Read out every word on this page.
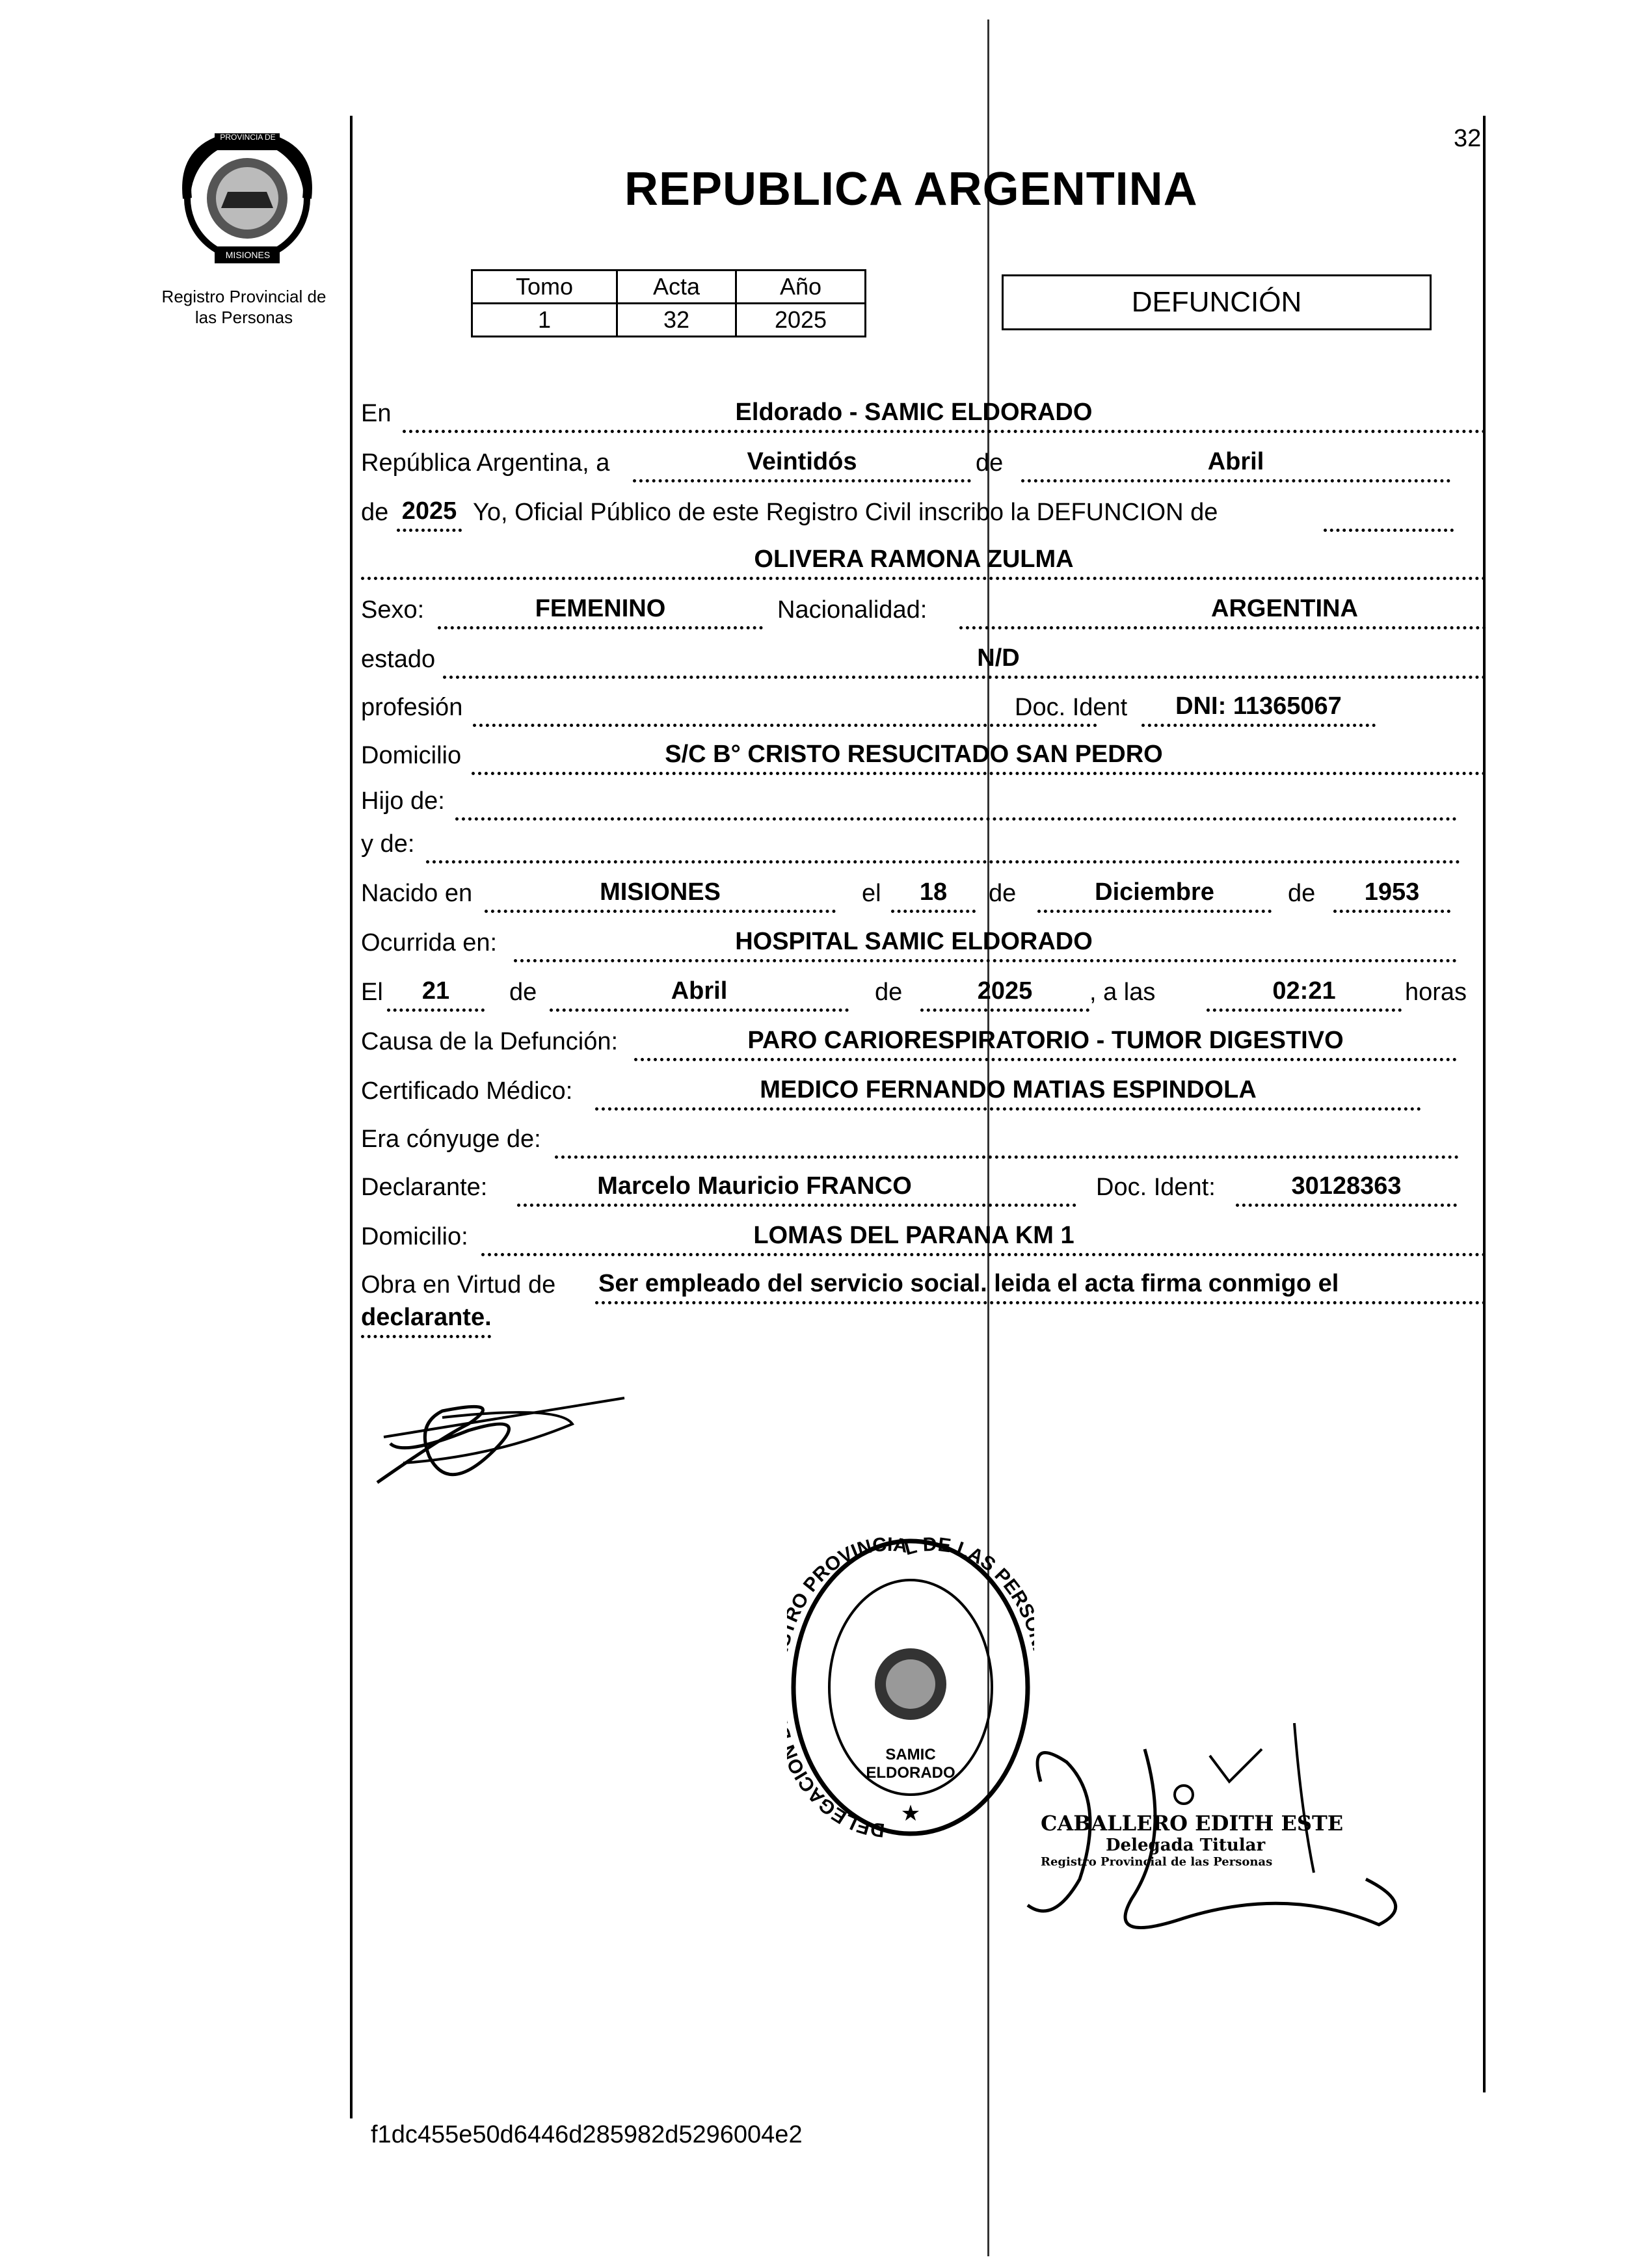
32
PROVINCIA DE
MISIONES
Registro Provincial de
las Personas
REPUBLICA ARGENTINA
Tomo	Acta	Año
1	32	2025
DEFUNCIÓN
En	Eldorado - SAMIC ELDORADO
República Argentina, a	Veintidós	de	Abril
de 2025 Yo, Oficial Público de este Registro Civil inscribo la DEFUNCION de
OLIVERA RAMONA ZULMA
Sexo:	FEMENINO	Nacionalidad:	ARGENTINA
estado	N/D
profesión	Doc. Ident	DNI: 11365067
Domicilio	S/C B° CRISTO RESUCITADO SAN PEDRO
Hijo de:
y de:
Nacido en	MISIONES	el	18	de	Diciembre	de	1953
Ocurrida en:	HOSPITAL SAMIC ELDORADO
El	21	de	Abril	de	2025	, a las	02:21	horas
Causa de la Defunción:	PARO CARIORESPIRATORIO - TUMOR DIGESTIVO
Certificado Médico:	MEDICO FERNANDO MATIAS ESPINDOLA
Era cónyuge de:
Declarante:	Marcelo Mauricio FRANCO	Doc. Ident:	30128363
Domicilio:	LOMAS DEL PARANA KM 1
Obra en Virtud de Ser empleado del servicio social. leida el acta firma conmigo el
declarante.
DELEGACI O PROVINCIAL DE LAS PER
★
SAMIC ELDORADO
CABALLERO EDITH ESTE
Delegada Titular
Registro Provincial de las Personas
f1dc455e50d6446d285982d5296004e2
